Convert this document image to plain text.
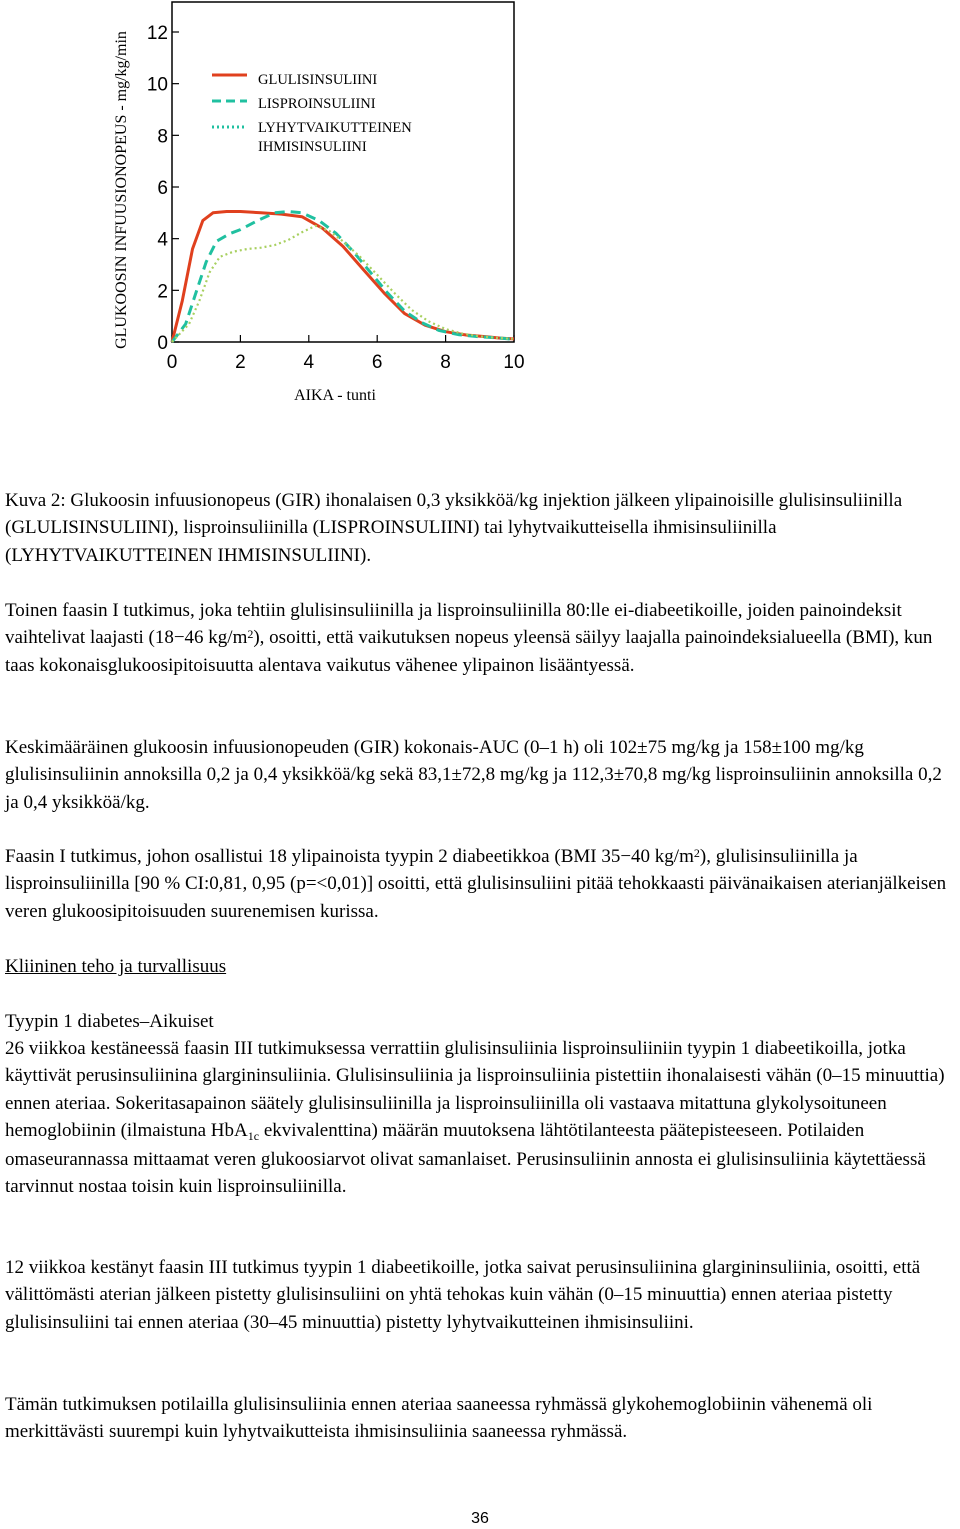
GLUKOOSIN INFUUSIONOPEUS - mg/kg/min 0
2
4
6
8
10
12
0	2	4	6	8	10
GLULISINSULIINI
LISPROINSULIINI
LYHYTVAIKUTTEINEN IHMISINSULIINI
AIKA - tunti
Kuva 2: Glukoosin infuusionopeus (GIR) ihonalaisen 0,3 yksikköä/kg injektion jälkeen ylipainoisille glulisinsuliinilla (GLULISINSULIINI), lisproinsuliinilla (LISPROINSULIINI) tai lyhytvaikutteisella ihmisinsuliinilla (LYHYTVAIKUTTEINEN IHMISINSULIINI).
Toinen faasin I tutkimus, joka tehtiin glulisinsuliinilla ja lisproinsuliinilla 80:lle ei-diabeetikoille, joiden painoindeksit vaihtelivat laajasti (18−46 $kg/m^2$), osoitti, että vaikutuksen nopeus yleensä säilyy laajalla painoindeksialueella (BMI), kun taas kokonaisglukoosipitoisuutta alentava vaikutus vähenee ylipainon lisääntyessä.
Keskimääräinen glukoosin infuusionopeuden (GIR) kokonais-AUC (0–1 h) oli 102±75 mg/kg ja 158±100 mg/kg glulisinsuliinin annoksilla 0,2 ja 0,4 yksikköä/kg sekä 83,1±72,8 mg/kg ja 112,3±70,8 mg/kg lisproinsuliinin annoksilla 0,2 ja 0,4 yksikköä/kg.
Faasin I tutkimus, johon osallistui 18 ylipainoista tyypin 2 diabeetikkoa (BMI 35−40 $kg/m^2$), glulisinsuliinilla ja lisproinsuliinilla [90 % CI:0,81, 0,95 (p=<0,01)] osoitti, että glulisinsuliini pitää tehokkaasti päivänaikaisen aterianjälkeisen veren glukoosipitoisuuden suurenemisen kurissa.
Kliininen teho ja turvallisuus
Tyypin 1 diabetes–Aikuiset
26 viikkoa kestäneessä faasin III tutkimuksessa verrattiin glulisinsuliinia lisproinsuliiniin tyypin 1 diabeetikoilla, jotka käyttivät perusinsuliinina glargininsuliinia. Glulisinsuliinia ja lisproinsuliinia pistettiin ihonalaisesti vähän (0–15 minuuttia) ennen ateriaa. Sokeritasapainon säätely glulisinsuliinilla ja lisproinsuliinilla oli vastaava mitattuna glykolysoituneen hemoglobiinin (ilmaistuna HbA$_{1c}$ ekvivalenttina) määrän muutoksena lähtötilanteesta päätepisteeseen. Potilaiden omaseurannassa mittaamat veren glukoosiarvot olivat samanlaiset. Perusinsuliinin annosta ei glulisinsuliinia käytettäessä tarvinnut nostaa toisin kuin lisproinsuliinilla.
12 viikkoa kestänyt faasin III tutkimus tyypin 1 diabeetikoille, jotka saivat perusinsuliinina glargininsuliinia, osoitti, että välittömästi aterian jälkeen pistetty glulisinsuliini on yhtä tehokas kuin vähän (0–15 minuuttia) ennen ateriaa pistetty glulisinsuliini tai ennen ateriaa (30–45 minuuttia) pistetty lyhytvaikutteinen ihmisinsuliini.
Tämän tutkimuksen potilailla glulisinsuliinia ennen ateriaa saaneessa ryhmässä glykohemoglobiinin vähenemä oli merkittävästi suurempi kuin lyhytvaikutteista ihmisinsuliinia saaneessa ryhmässä.
36
